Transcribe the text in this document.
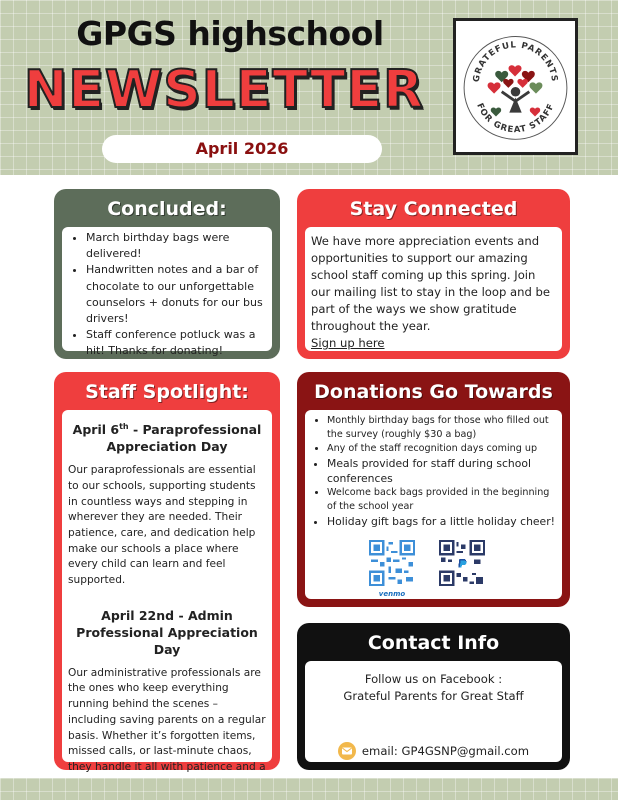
GPGS highschool
NEWSLETTER
April 2026
GRATEFUL PARENTS
FOR GREAT STAFF
Concluded:
• March birthday bags were delivered!
• Handwritten notes and a bar of chocolate to our unforgettable counselors + donuts for our bus drivers!
• Staff conference potluck was a hit! Thanks for donating!
Stay Connected

We have more appreciation events and opportunities to support our amazing school staff coming up this spring. Join our mailing list to stay in the loop and be part of the ways we show gratitude throughout the year.

Sign up here
Staff Spotlight:
April 6th - Paraprofessional Appreciation Day

Our paraprofessionals are essential to our schools, supporting students in countless ways and stepping in wherever they are needed. Their patience, care, and dedication help make our schools a place where every child can learn and feel supported.

April 22nd - Admin Professional Appreciation Day

Our administrative professionals are the ones who keep everything running behind the scenes – including saving parents on a regular basis. Whether it’s forgotten items, missed calls, or last-minute chaos, they handle it all with patience and a

Donations Go Towards
• Monthly birthday bags for those who filled out the survey (roughly $30 a bag)
• Any of the staff recognition days coming up
• Meals provided for staff during school conferences
• Welcome back bags provided in the beginning of the school year
• Holiday gift bags for a little holiday cheer!
venmo
Contact Info
Follow us on Facebook :
Grateful Parents for Great Staff
email: GP4GSNP@gmail.com
